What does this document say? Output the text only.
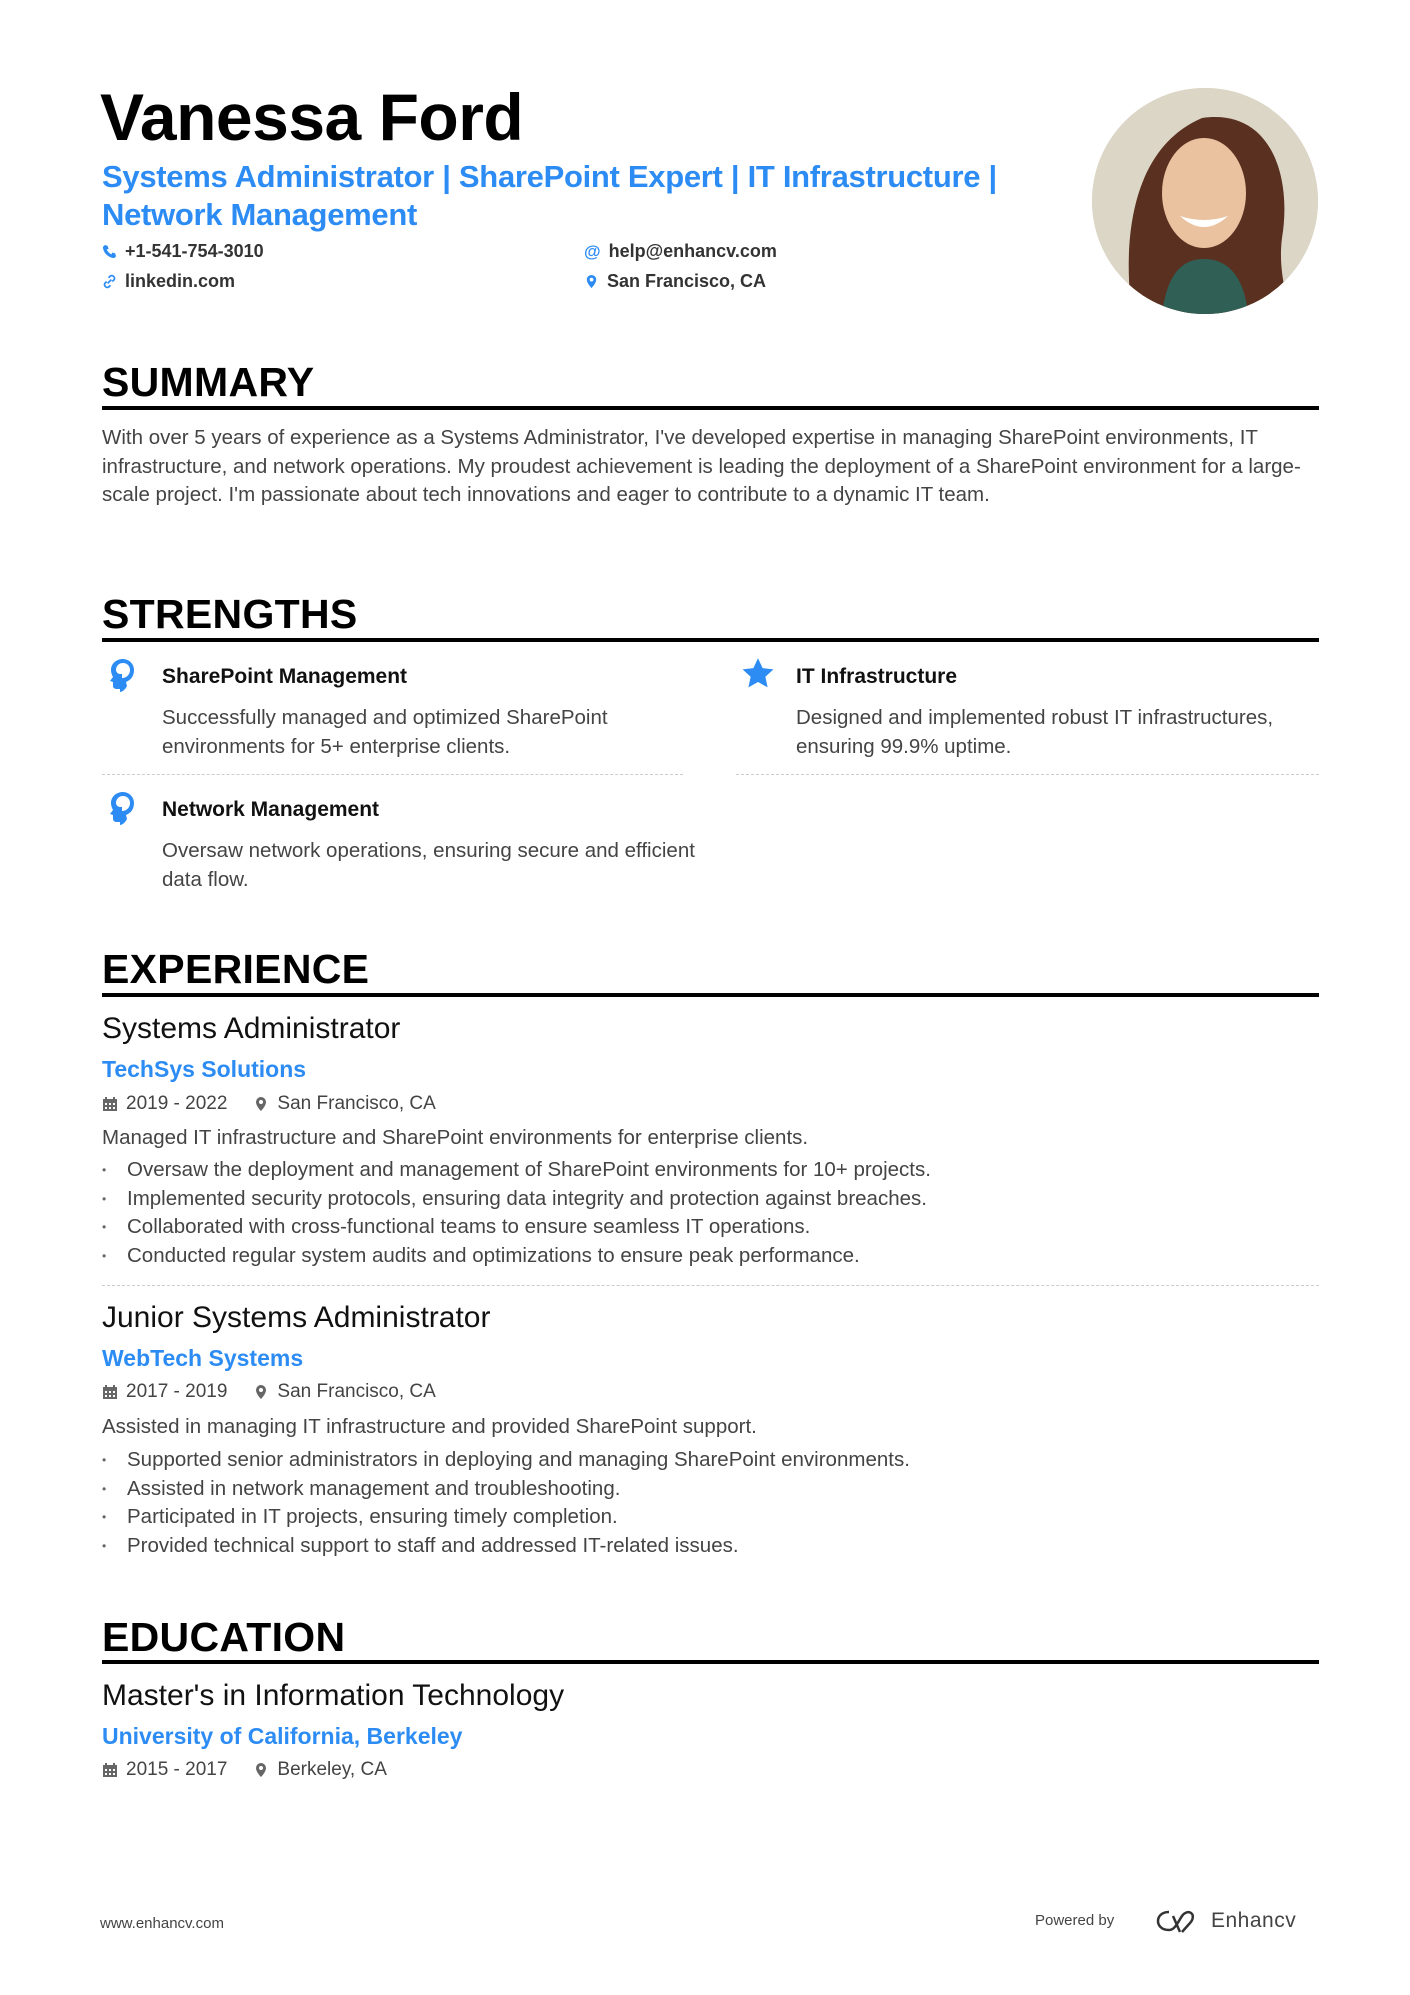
Vanessa Ford
Systems Administrator | SharePoint Expert | IT Infrastructure | Network Management
+1-541-754-3010	@ help@enhancv.com
linkedin.com	San Francisco, CA
SUMMARY
With over 5 years of experience as a Systems Administrator, I've developed expertise in managing SharePoint environments, IT infrastructure, and network operations. My proudest achievement is leading the deployment of a SharePoint environment for a large-scale project. I'm passionate about tech innovations and eager to contribute to a dynamic IT team.
STRENGTHS
SharePoint Management
Successfully managed and optimized SharePoint environments for 5+ enterprise clients.
IT Infrastructure
Designed and implemented robust IT infrastructures, ensuring 99.9% uptime.
Network Management
Oversaw network operations, ensuring secure and efficient data flow.
EXPERIENCE
Systems Administrator
TechSys Solutions
2019 - 2022	San Francisco, CA
Managed IT infrastructure and SharePoint environments for enterprise clients.
• Oversaw the deployment and management of SharePoint environments for 10+ projects.
• Implemented security protocols, ensuring data integrity and protection against breaches.
• Collaborated with cross-functional teams to ensure seamless IT operations.
• Conducted regular system audits and optimizations to ensure peak performance.
Junior Systems Administrator
WebTech Systems
2017 - 2019	San Francisco, CA
Assisted in managing IT infrastructure and provided SharePoint support.
• Supported senior administrators in deploying and managing SharePoint environments.
• Assisted in network management and troubleshooting.
• Participated in IT projects, ensuring timely completion.
• Provided technical support to staff and addressed IT-related issues.
EDUCATION
Master's in Information Technology
University of California, Berkeley
2015 - 2017	Berkeley, CA
www.enhancv.com	Powered by	Enhancv
